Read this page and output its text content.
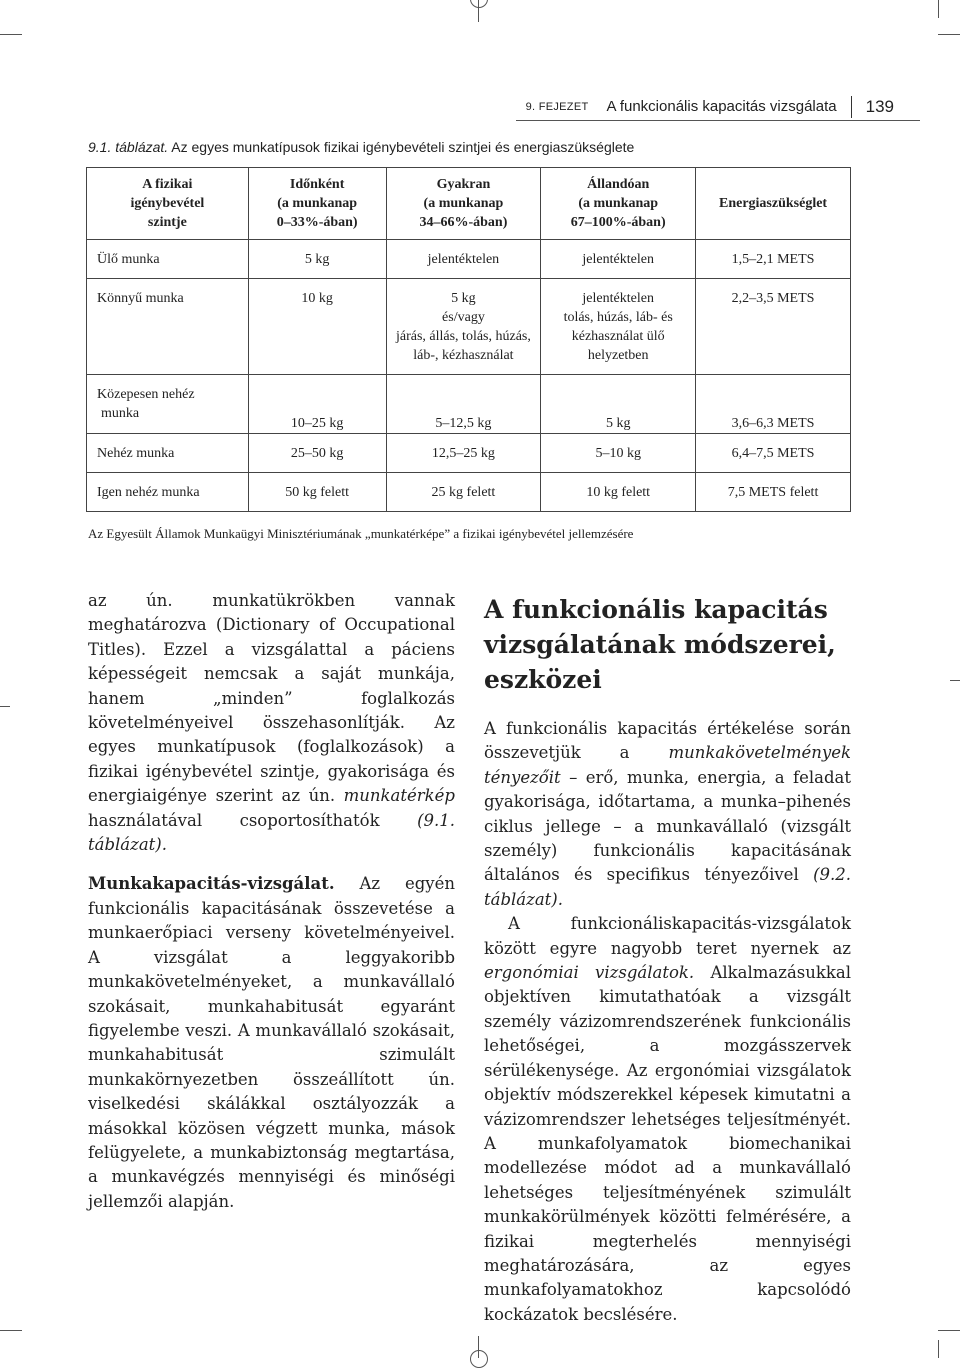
9. FEJEZET A funkcionális kapacitás vizsgálata	139
9.1. táblázat. Az egyes munkatípusok fizikai igénybevételi szintjei és energiaszükséglete
A fizikai
igénybevétel
szintje	Időnként
(a munkanap
0–33%-ában)	Gyakran
(a munkanap
34–66%-ában)	Állandóan
(a munkanap
67–100%-ában)	Energiaszükséglet
Ülő munka	5 kg	jelentéktelen	jelentéktelen	1,5–2,1 METS
Könnyű munka	10 kg	5 kg
és/vagy
járás, állás, tolás, húzás,
láb-, kézhasználat	jelentéktelen
tolás, húzás, láb- és
kézhasználat ülő
helyzetben	2,2–3,5 METS
Közepesen nehéz
munka	10–25 kg	5–12,5 kg	5 kg	3,6–6,3 METS
Nehéz munka	25–50 kg	12,5–25 kg	5–10 kg	6,4–7,5 METS
Igen nehéz munka	50 kg felett	25 kg felett	10 kg felett	7,5 METS felett
Az Egyesült Államok Munkaügyi Minisztériumának „munkatérképe” a fizikai igénybevétel jellemzésére

az ún. munkatükrökben vannak meghatározva (Dictionary of Occupational Titles). Ezzel a vizsgálattal a páciens képességeit nemcsak a saját munkája, hanem „minden” foglalkozás követelményeivel összehasonlítják. Az egyes munkatípusok (foglalkozások) a fizikai igénybevétel szintje, gyakorisága és energiaigénye szerint az ún. munkatérkép használatával csoportosíthatók (9.1. táblázat).

Munkakapacitás-vizsgálat. Az egyén funkcionális kapacitásának összevetése a munkaerőpiaci verseny követelményeivel. A vizsgálat a leggyakoribb munkakövetelményeket, a munkavállaló szokásait, munkahabitusát egyaránt figyelembe veszi. A munkavállaló szokásait, munkahabitusát szimulált munkakörnyezetben összeállított ún. viselkedési skálákkal osztályozzák a másokkal közösen végzett munka, mások felügyelete, a munkabiztonság megtartása, a munkavégzés mennyiségi és minőségi jellemzői alapján.

A funkcionális kapacitás vizsgálatának módszerei, eszközei

A funkcionális kapacitás értékelése során összevetjük a munkakövetelmények tényezőit – erő, munka, energia, a feladat gyakorisága, időtartama, a munka–pihenés ciklus jellege – a munkavállaló (vizsgált személy) funkcionális kapacitásának általános és specifikus tényezőivel (9.2. táblázat).

A funkcionáliskapacitás-vizsgálatok között egyre nagyobb teret nyernek az ergonómiai vizsgálatok. Alkalmazásukkal objektíven kimutathatóak a vizsgált személy vázizomrendszerének funkcionális lehetőségei, a mozgásszervek sérülékenysége. Az ergonómiai vizsgálatok objektív módszerekkel képesek kimutatni a vázizomrendszer lehetséges teljesítményét. A munkafolyamatok biomechanikai modellezése módot ad a munkavállaló lehetséges teljesítményének szimulált munkakörülmények közötti felmérésére, a fizikai megterhelés mennyiségi meghatározására, az egyes munkafolyamatokhoz kapcsolódó kockázatok becslésére.
